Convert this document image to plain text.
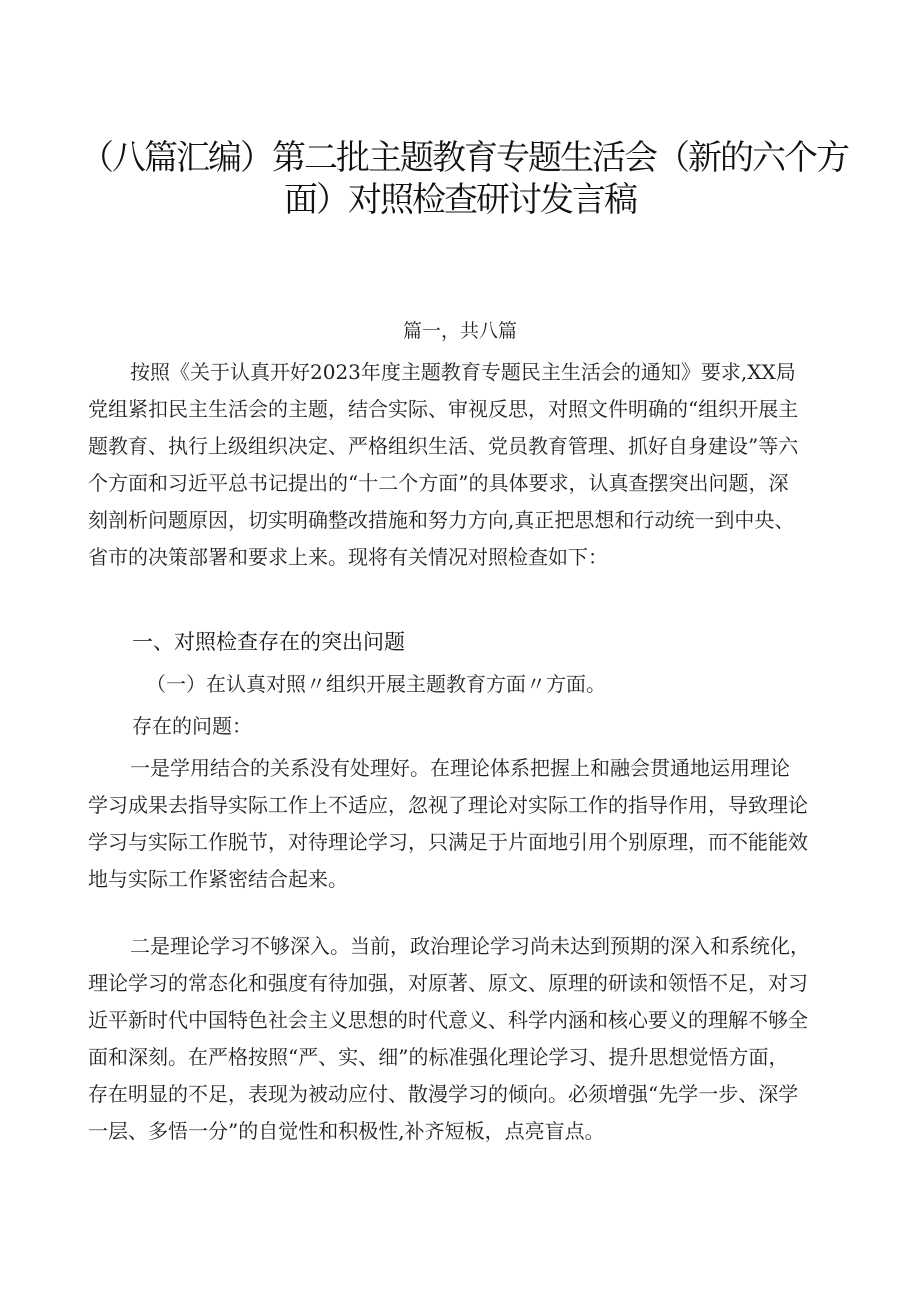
（八篇汇编）第二批主题教育专题生活会（新的六个方
面）对照检查研讨发言稿
篇一，共八篇
按照《关于认真开好2023年度主题教育专题民主生活会的通知》要求,XX局
党组紧扣民主生活会的主题，结合实际、审视反思，对照文件明确的“组织开展主
题教育、执行上级组织决定、严格组织生活、党员教育管理、抓好自身建设”等六
个方面和习近平总书记提出的“十二个方面”的具体要求，认真查摆突出问题，深
刻剖析问题原因，切实明确整改措施和努力方向,真正把思想和行动统一到中央、
省市的决策部署和要求上来。现将有关情况对照检查如下：
一、对照检查存在的突出问题
（一）在认真对照〃组织开展主题教育方面〃方面。
存在的问题：
一是学用结合的关系没有处理好。在理论体系把握上和融会贯通地运用理论
学习成果去指导实际工作上不适应，忽视了理论对实际工作的指导作用，导致理论
学习与实际工作脱节，对待理论学习，只满足于片面地引用个别原理，而不能能效
地与实际工作紧密结合起来。
二是理论学习不够深入。当前，政治理论学习尚未达到预期的深入和系统化，
理论学习的常态化和强度有待加强，对原著、原文、原理的研读和领悟不足，对习
近平新时代中国特色社会主义思想的时代意义、科学内涵和核心要义的理解不够全
面和深刻。在严格按照“严、实、细”的标准强化理论学习、提升思想觉悟方面，
存在明显的不足，表现为被动应付、散漫学习的倾向。必须增强“先学一步、深学
一层、多悟一分”的自觉性和积极性,补齐短板，点亮盲点。
